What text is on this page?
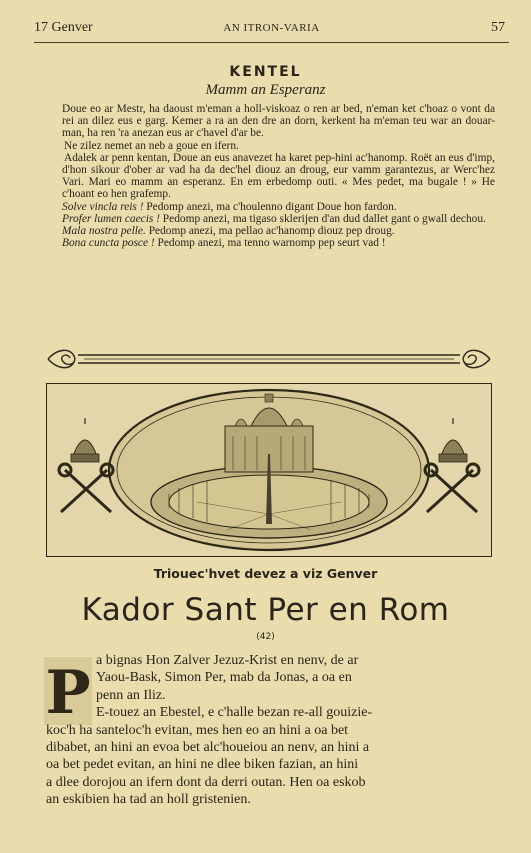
17 Genver	AN ITRON-VARIA	57
KENTEL
Mamm an Esperanz

Doue eo ar Mestr, ha daoust m'eman a holl-viskoaz o ren ar bed, n'eman ket c'hoaz o vont da rei an dilez eus e garg. Kemer a ra an den dre an dorn, kerkent ha m'eman teu war an douar-man, ha ren 'ra anezan eus ar c'havel d'ar be.

Ne zilez nemet an neb a goue en ifern.

Adalek ar penn kentan, Doue an eus anavezet ha karet pep-hini ac'hanomp. Roët an eus d'imp, d'hon sikour d'ober ar vad ha da dec'hel diouz an droug, eur vamm garantezus, ar Werc'hez Vari. Mari eo mamm an esperanz. En em erbedomp outi. « Mes pedet, ma bugale ! » He c'hoant eo hen grafemp.

Solve vincla reis ! Pedomp anezi, ma c'houlenno digant Doue hon fardon.

Profer lumen caecis ! Pedomp anezi, ma tigaso sklerijen d'an dud dallet gant o gwall dechou.

Mala nostra pelle. Pedomp anezi, ma pellao ac'hanomp diouz pep droug.

Bona cuncta posce ! Pedomp anezi, ma tenno warnomp pep seurt vad !

Triouec'hvet devez a viz Genver
Kador Sant Per en Rom
(42)
P a bignas Hon Zalver Jezuz-Krist en nenv, de ar
Yaou-Bask, Simon Per, mab da Jonas, a oa en
penn an Iliz.
E-touez an Ebestel, e c'halle bezan re-all gouizie-
koc'h ha santeloc'h evitan, mes hen eo an hini a oa bet
dibabet, an hini an evoa bet alc'houeiou an nenv, an hini a
oa bet pedet evitan, an hini ne dlee biken fazian, an hini
a dlee dorojou an ifern dont da derri outan. Hen oa eskob
an eskibien ha tad an holl gristenien.
